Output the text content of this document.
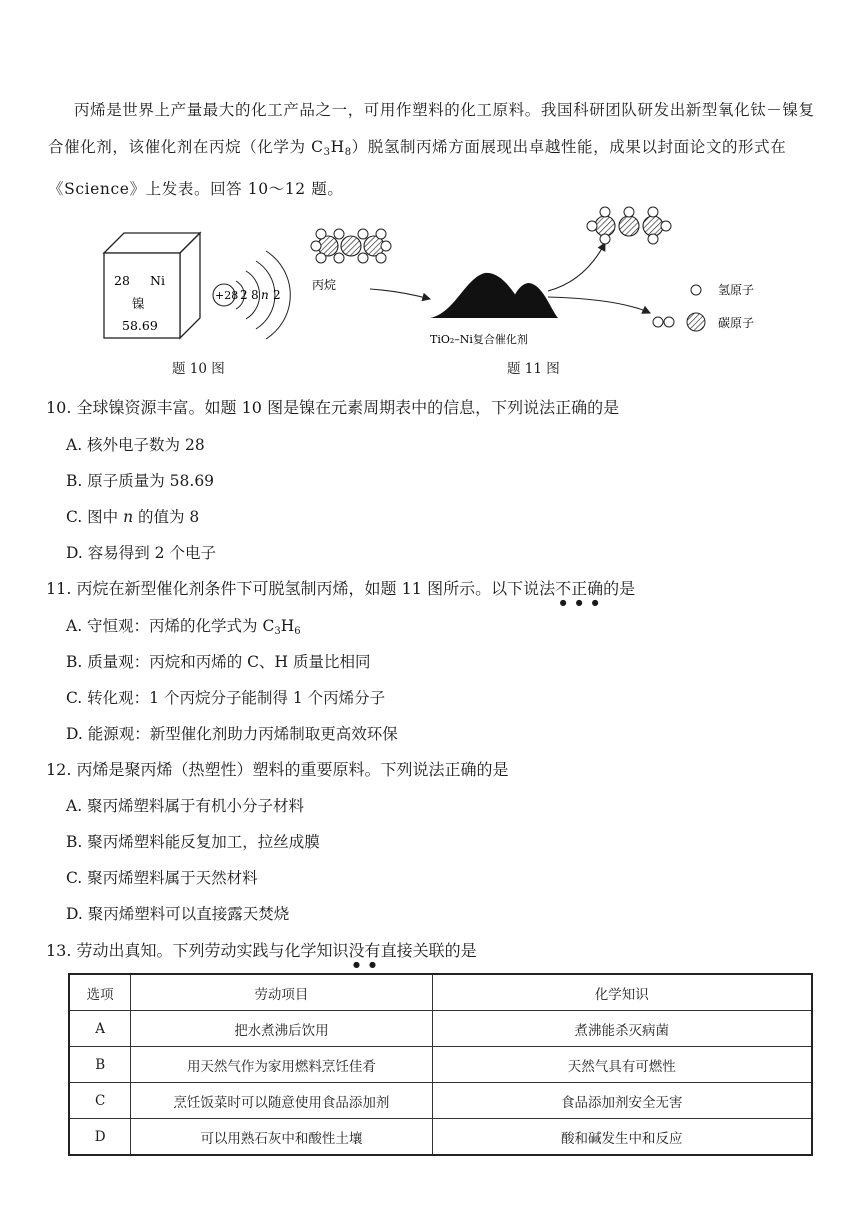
丙烯是世界上产量最大的化工产品之一，可用作塑料的化工原料。我国科研团队研发出新型氧化钛－镍复合催化剂，该催化剂在丙烷（化学为 $C_3H_8$）脱氢制丙烯方面展现出卓越性能，成果以封面论文的形式在《Science》上发表。回答 10～12 题。
28 Ni
镍
58.69
+28 2 8 n 2
丙烷
TiO₂–Ni复合催化剂
氢原子
碳原子
题 10 图	题 11 图
10. 全球镍资源丰富。如题 10 图是镍在元素周期表中的信息，下列说法正确的是
A. 核外电子数为 28
B. 原子质量为 58.69
C. 图中 n 的值为 8
D. 容易得到 2 个电子
11. 丙烷在新型催化剂条件下可脱氢制丙烯，如题 11 图所示。以下说法不正确的是
A. 守恒观：丙烯的化学式为 $C_3H_6$
B. 质量观：丙烷和丙烯的 C、H 质量比相同
C. 转化观：1 个丙烷分子能制得 1 个丙烯分子
D. 能源观：新型催化剂助力丙烯制取更高效环保
12. 丙烯是聚丙烯（热塑性）塑料的重要原料。下列说法正确的是
A. 聚丙烯塑料属于有机小分子材料
B. 聚丙烯塑料能反复加工，拉丝成膜
C. 聚丙烯塑料属于天然材料
D. 聚丙烯塑料可以直接露天焚烧
13. 劳动出真知。下列劳动实践与化学知识没有直接关联的是
选项	劳动项目	化学知识
A	把水煮沸后饮用	煮沸能杀灭病菌
B	用天然气作为家用燃料烹饪佳肴	天然气具有可燃性
C	烹饪饭菜时可以随意使用食品添加剂	食品添加剂安全无害
D	可以用熟石灰中和酸性土壤	酸和碱发生中和反应
